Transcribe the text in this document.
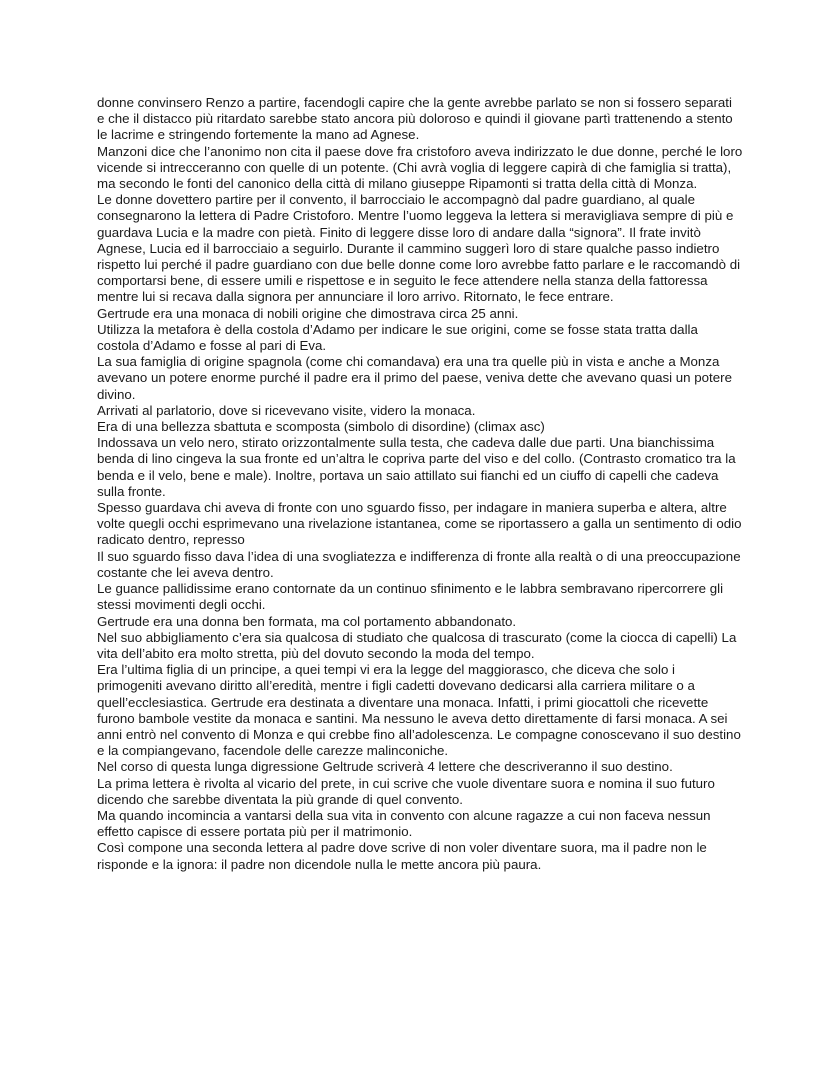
donne convinsero Renzo a partire, facendogli capire che la gente avrebbe parlato se non si fossero separati e che il distacco più ritardato sarebbe stato ancora più doloroso e quindi il giovane partì trattenendo a stento le lacrime e stringendo fortemente la mano ad Agnese.

Manzoni dice che l’anonimo non cita il paese dove fra cristoforo aveva indirizzato le due donne, perché le loro vicende si intrecceranno con quelle di un potente. (Chi avrà voglia di leggere capirà di che famiglia si tratta), ma secondo le fonti del canonico della città di milano giuseppe Ripamonti si tratta della città di Monza.

Le donne dovettero partire per il convento, il barrocciaio le accompagnò dal padre guardiano, al quale consegnarono la lettera di Padre Cristoforo. Mentre l’uomo leggeva la lettera si meravigliava sempre di più e guardava Lucia e la madre con pietà. Finito di leggere disse loro di andare dalla “signora”. Il frate invitò Agnese, Lucia ed il barrocciaio a seguirlo. Durante il cammino suggerì loro di stare qualche passo indietro rispetto lui perché il padre guardiano con due belle donne come loro avrebbe fatto parlare e le raccomandò di comportarsi bene, di essere umili e rispettose e in seguito le fece attendere nella stanza della fattoressa mentre lui si recava dalla signora per annunciare il loro arrivo. Ritornato, le fece entrare.

Gertrude era una monaca di nobili origine che dimostrava circa 25 anni.

Utilizza la metafora è della costola d’Adamo per indicare le sue origini, come se fosse stata tratta dalla costola d’Adamo e fosse al pari di Eva.

La sua famiglia di origine spagnola (come chi comandava) era una tra quelle più in vista e anche a Monza avevano un potere enorme purché il padre era il primo del paese, veniva dette che avevano quasi un potere divino.

Arrivati al parlatorio, dove si ricevevano visite, videro la monaca.

Era di una bellezza sbattuta e scomposta (simbolo di disordine) (climax asc)

Indossava un velo nero, stirato orizzontalmente sulla testa, che cadeva dalle due parti. Una bianchissima benda di lino cingeva la sua fronte ed un’altra le copriva parte del viso e del collo. (Contrasto cromatico tra la benda e il velo, bene e male). Inoltre, portava un saio attillato sui fianchi ed un ciuffo di capelli che cadeva sulla fronte.

Spesso guardava chi aveva di fronte con uno sguardo fisso, per indagare in maniera superba e altera, altre volte quegli occhi esprimevano una rivelazione istantanea, come se riportassero a galla un sentimento di odio radicato dentro, represso

Il suo sguardo fisso dava l’idea di una svogliatezza e indifferenza di fronte alla realtà o di una preoccupazione costante che lei aveva dentro.

Le guance pallidissime erano contornate da un continuo sfinimento e le labbra sembravano ripercorrere gli stessi movimenti degli occhi.

Gertrude era una donna ben formata, ma col portamento abbandonato.

Nel suo abbigliamento c’era sia qualcosa di studiato che qualcosa di trascurato (come la ciocca di capelli) La vita dell’abito era molto stretta, più del dovuto secondo la moda del tempo.

Era l’ultima figlia di un principe, a quei tempi vi era la legge del maggiorasco, che diceva che solo i primogeniti avevano diritto all’eredità, mentre i figli cadetti dovevano dedicarsi alla carriera militare o a quell’ecclesiastica. Gertrude era destinata a diventare una monaca. Infatti, i primi giocattoli che ricevette furono bambole vestite da monaca e santini. Ma nessuno le aveva detto direttamente di farsi monaca. A sei anni entrò nel convento di Monza e qui crebbe fino all’adolescenza. Le compagne conoscevano il suo destino e la compiangevano, facendole delle carezze malinconiche.

Nel corso di questa lunga digressione Geltrude scriverà 4 lettere che descriveranno il suo destino.

La prima lettera è rivolta al vicario del prete, in cui scrive che vuole diventare suora e nomina il suo futuro dicendo che sarebbe diventata la più grande di quel convento.

Ma quando incomincia a vantarsi della sua vita in convento con alcune ragazze a cui non faceva nessun effetto capisce di essere portata più per il matrimonio.

Così compone una seconda lettera al padre dove scrive di non voler diventare suora, ma il padre non le risponde e la ignora: il padre non dicendole nulla le mette ancora più paura.
